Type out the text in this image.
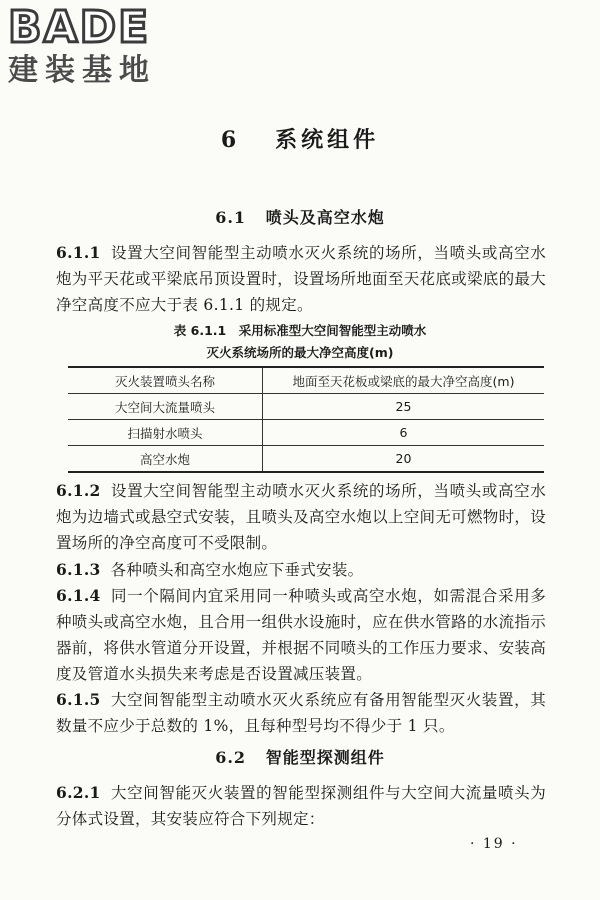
BADE
建装基地
6 系统组件
6.1 喷头及高空水炮
6.1.1 设置大空间智能型主动喷水灭火系统的场所，当喷头或高空水炮为平天花或平梁底吊顶设置时，设置场所地面至天花底或梁底的最大净空高度不应大于表 6.1.1 的规定。
表 6.1.1　采用标准型大空间智能型主动喷水
灭火系统场所的最大净空高度(m)
灭火装置喷头名称	地面至天花板或梁底的最大净空高度(m)
大空间大流量喷头	25
扫描射水喷头	6
高空水炮	20
6.1.2 设置大空间智能型主动喷水灭火系统的场所，当喷头或高空水炮为边墙式或悬空式安装，且喷头及高空水炮以上空间无可燃物时，设置场所的净空高度可不受限制。
6.1.3 各种喷头和高空水炮应下垂式安装。
6.1.4 同一个隔间内宜采用同一种喷头或高空水炮，如需混合采用多种喷头或高空水炮，且合用一组供水设施时，应在供水管路的水流指示器前，将供水管道分开设置，并根据不同喷头的工作压力要求、安装高度及管道水头损失来考虑是否设置减压装置。
6.1.5 大空间智能型主动喷水灭火系统应有备用智能型灭火装置，其数量不应少于总数的 1%，且每种型号均不得少于 1 只。
6.2 智能型探测组件
6.2.1 大空间智能灭火装置的智能型探测组件与大空间大流量喷头为分体式设置，其安装应符合下列规定：
· 19 ·
